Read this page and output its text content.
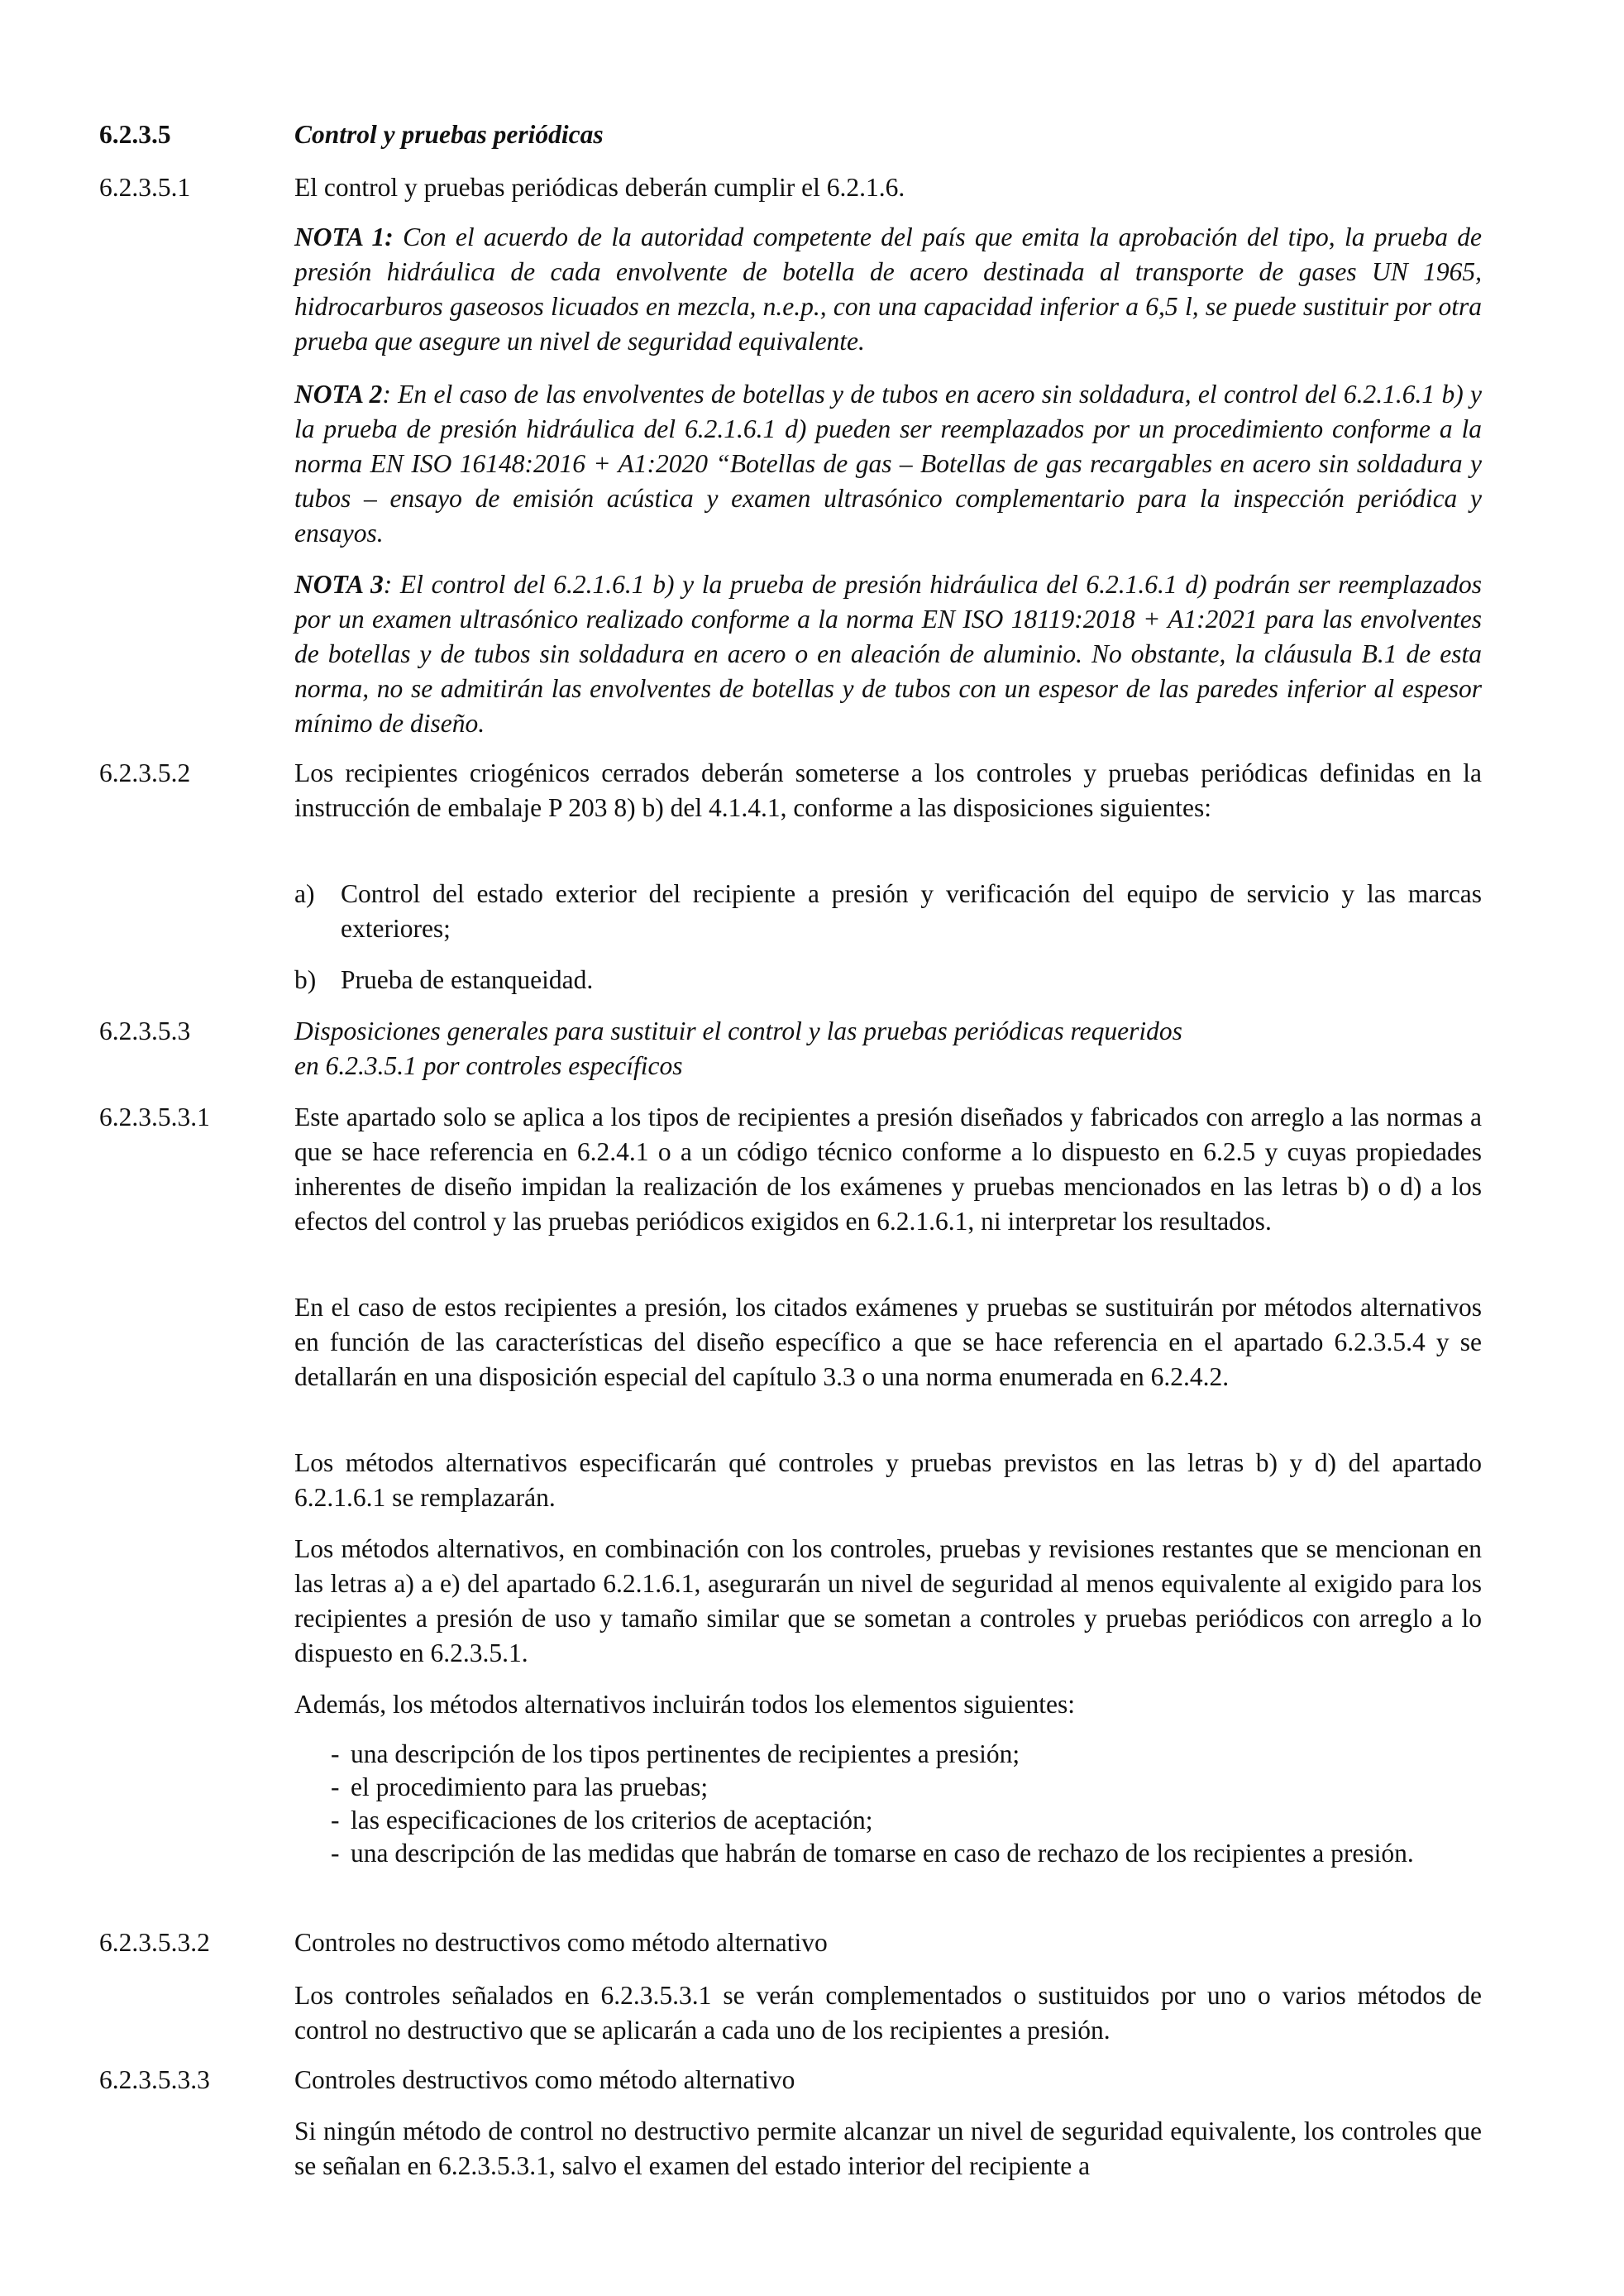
6.2.3.5	Control y pruebas periódicas
6.2.3.5.1	El control y pruebas periódicas deberán cumplir el 6.2.1.6.
NOTA 1: Con el acuerdo de la autoridad competente del país que emita la aprobación del tipo, la prueba de presión hidráulica de cada envolvente de botella de acero destinada al transporte de gases UN 1965, hidrocarburos gaseosos licuados en mezcla, n.e.p., con una capacidad inferior a 6,5 l, se puede sustituir por otra prueba que asegure un nivel de seguridad equivalente.
NOTA 2: En el caso de las envolventes de botellas y de tubos en acero sin soldadura, el control del 6.2.1.6.1 b) y la prueba de presión hidráulica del 6.2.1.6.1 d) pueden ser reemplazados por un procedimiento conforme a la norma EN ISO 16148:2016 + A1:2020 “Botellas de gas – Botellas de gas recargables en acero sin soldadura y tubos – ensayo de emisión acústica y examen ultrasónico complementario para la inspección periódica y ensayos.
NOTA 3: El control del 6.2.1.6.1 b) y la prueba de presión hidráulica del 6.2.1.6.1 d) podrán ser reemplazados por un examen ultrasónico realizado conforme a la norma EN ISO 18119:2018 + A1:2021 para las envolventes de botellas y de tubos sin soldadura en acero o en aleación de aluminio. No obstante, la cláusula B.1 de esta norma, no se admitirán las envolventes de botellas y de tubos con un espesor de las paredes inferior al espesor mínimo de diseño.
6.2.3.5.2	Los recipientes criogénicos cerrados deberán someterse a los controles y pruebas periódicas definidas en la instrucción de embalaje P 203 8) b) del 4.1.4.1, conforme a las disposiciones siguientes:
a) Control del estado exterior del recipiente a presión y verificación del equipo de servicio y las marcas exteriores;
b) Prueba de estanqueidad.
6.2.3.5.3	Disposiciones generales para sustituir el control y las pruebas periódicas requeridos
en 6.2.3.5.1 por controles específicos
6.2.3.5.3.1	Este apartado solo se aplica a los tipos de recipientes a presión diseñados y fabricados con arreglo a las normas a que se hace referencia en 6.2.4.1 o a un código técnico conforme a lo dispuesto en 6.2.5 y cuyas propiedades inherentes de diseño impidan la realización de los exámenes y pruebas mencionados en las letras b) o d) a los efectos del control y las pruebas periódicos exigidos en 6.2.1.6.1, ni interpretar los resultados.
En el caso de estos recipientes a presión, los citados exámenes y pruebas se sustituirán por métodos alternativos en función de las características del diseño específico a que se hace referencia en el apartado 6.2.3.5.4 y se detallarán en una disposición especial del capítulo 3.3 o una norma enumerada en 6.2.4.2.
Los métodos alternativos especificarán qué controles y pruebas previstos en las letras b) y d) del apartado 6.2.1.6.1 se remplazarán.
Los métodos alternativos, en combinación con los controles, pruebas y revisiones restantes que se mencionan en las letras a) a e) del apartado 6.2.1.6.1, asegurarán un nivel de seguridad al menos equivalente al exigido para los recipientes a presión de uso y tamaño similar que se sometan a controles y pruebas periódicos con arreglo a lo dispuesto en 6.2.3.5.1.
Además, los métodos alternativos incluirán todos los elementos siguientes:
- una descripción de los tipos pertinentes de recipientes a presión;
- el procedimiento para las pruebas;
- las especificaciones de los criterios de aceptación;
- una descripción de las medidas que habrán de tomarse en caso de rechazo de los recipientes a presión.
6.2.3.5.3.2	Controles no destructivos como método alternativo
Los controles señalados en 6.2.3.5.3.1 se verán complementados o sustituidos por uno o varios métodos de control no destructivo que se aplicarán a cada uno de los recipientes a presión.
6.2.3.5.3.3	Controles destructivos como método alternativo
Si ningún método de control no destructivo permite alcanzar un nivel de seguridad equivalente, los controles que se señalan en 6.2.3.5.3.1, salvo el examen del estado interior del recipiente a
